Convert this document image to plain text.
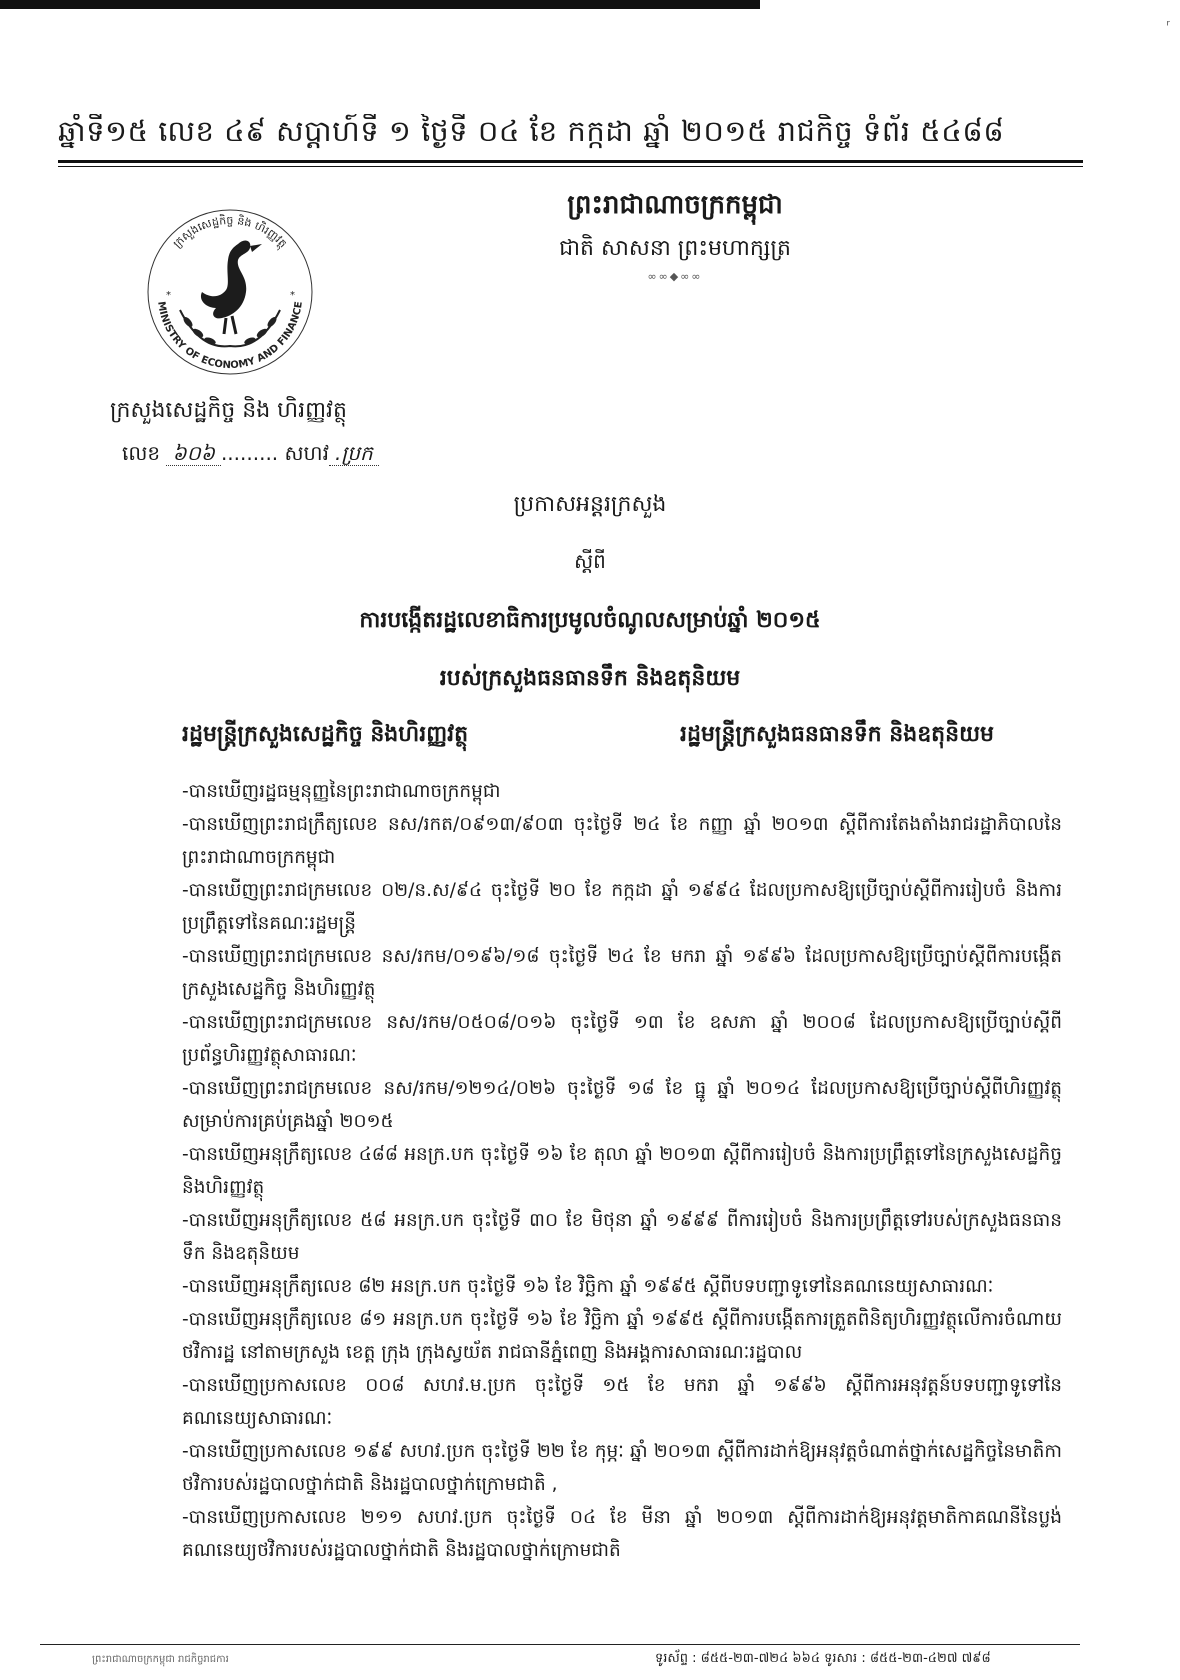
ʳ
ឆ្នាំទី១៥ លេខ ៤៩ សប្តាហ៍ទី ១ ថ្ងៃទី ០៤ ខែ កក្កដា ឆ្នាំ ២០១៥ រាជកិច្ច ទំព័រ ៥៤៨៨
ព្រះរាជាណាចក្រកម្ពុជា
ជាតិ សាសនា ព្រះមហាក្សត្រ
∞∞◆∞∞
ក្រសួងសេដ្ឋកិច្ច និង ហិរញ្ញវត្ថុ
MINISTRY OF ECONOMY AND FINANCE
*	*
ក្រសួងសេដ្ឋកិច្ច និង ហិរញ្ញវត្ថុ
លេខ ៦០៦ ......... សហវ .ប្រក
ប្រកាសអន្តរក្រសួង
ស្តីពី
ការបង្កើតរដ្ឋលេខាធិការប្រមូលចំណូលសម្រាប់ឆ្នាំ ២០១៥
របស់ក្រសួងធនធានទឹក និងឧតុនិយម
រដ្ឋមន្ត្រីក្រសួងសេដ្ឋកិច្ច និងហិរញ្ញវត្ថុ	រដ្ឋមន្ត្រីក្រសួងធនធានទឹក និងឧតុនិយម

-បានឃើញរដ្ឋធម្មនុញ្ញនៃព្រះរាជាណាចក្រកម្ពុជា

-បានឃើញព្រះរាជក្រឹត្យលេខ នស/រកត/០៩១៣/៩០៣ ចុះថ្ងៃទី ២៤ ខែ កញ្ញា ឆ្នាំ ២០១៣ ស្តីពីការតែងតាំងរាជរដ្ឋាភិបាលនៃព្រះរាជាណាចក្រកម្ពុជា

-បានឃើញព្រះរាជក្រមលេខ ០២/ន.ស/៩៤ ចុះថ្ងៃទី ២០ ខែ កក្កដា ឆ្នាំ ១៩៩៤ ដែលប្រកាសឱ្យប្រើច្បាប់ស្តីពីការរៀបចំ និងការប្រព្រឹត្តទៅនៃគណៈរដ្ឋមន្ត្រី

-បានឃើញព្រះរាជក្រមលេខ នស/រកម/០១៩៦/១៨ ចុះថ្ងៃទី ២៤ ខែ មករា ឆ្នាំ ១៩៩៦ ដែលប្រកាសឱ្យប្រើច្បាប់ស្តីពីការបង្កើតក្រសួងសេដ្ឋកិច្ច និងហិរញ្ញវត្ថុ

-បានឃើញព្រះរាជក្រមលេខ នស/រកម/០៥០៨/០១៦ ចុះថ្ងៃទី ១៣ ខែ ឧសភា ឆ្នាំ ២០០៨ ដែលប្រកាសឱ្យប្រើច្បាប់ស្តីពីប្រព័ន្ធហិរញ្ញវត្ថុសាធារណៈ

-បានឃើញព្រះរាជក្រមលេខ នស/រកម/១២១៤/០២៦ ចុះថ្ងៃទី ១៨ ខែ ធ្នូ ឆ្នាំ ២០១៤ ដែលប្រកាសឱ្យប្រើច្បាប់ស្តីពីហិរញ្ញវត្ថុសម្រាប់ការគ្រប់គ្រងឆ្នាំ ២០១៥

-បានឃើញអនុក្រឹត្យលេខ ៤៨៨ អនក្រ.បក ចុះថ្ងៃទី ១៦ ខែ តុលា ឆ្នាំ ២០១៣ ស្តីពីការរៀបចំ និងការប្រព្រឹត្តទៅនៃក្រសួងសេដ្ឋកិច្ច និងហិរញ្ញវត្ថុ

-បានឃើញអនុក្រឹត្យលេខ ៥៨ អនក្រ.បក ចុះថ្ងៃទី ៣០ ខែ មិថុនា ឆ្នាំ ១៩៩៩ ពីការរៀបចំ និងការប្រព្រឹត្តទៅរបស់ក្រសួងធនធានទឹក និងឧតុនិយម

-បានឃើញអនុក្រឹត្យលេខ ៨២ អនក្រ.បក ចុះថ្ងៃទី ១៦ ខែ វិច្ឆិកា ឆ្នាំ ១៩៩៥ ស្តីពីបទបញ្ជាទូទៅនៃគណនេយ្យសាធារណៈ

-បានឃើញអនុក្រឹត្យលេខ ៨១ អនក្រ.បក ចុះថ្ងៃទី ១៦ ខែ វិច្ឆិកា ឆ្នាំ ១៩៩៥ ស្តីពីការបង្កើតការត្រួតពិនិត្យហិរញ្ញវត្ថុលើការចំណាយថវិការដ្ឋ នៅតាមក្រសួង ខេត្ត ក្រុង ក្រុងស្វយ័ត រាជធានីភ្នំពេញ និងអង្គការសាធារណៈរដ្ឋបាល

-បានឃើញប្រកាសលេខ ០០៨ សហវ.ម.ប្រក ចុះថ្ងៃទី ១៥ ខែ មករា ឆ្នាំ ១៩៩៦ ស្តីពីការអនុវត្តន៍បទបញ្ជាទូទៅនៃគណនេយ្យសាធារណៈ

-បានឃើញប្រកាសលេខ ១៩៩ សហវ.ប្រក ចុះថ្ងៃទី ២២ ខែ កុម្ភៈ ឆ្នាំ ២០១៣ ស្តីពីការដាក់ឱ្យអនុវត្តចំណាត់ថ្នាក់សេដ្ឋកិច្ចនៃមាតិកាថវិការបស់រដ្ឋបាលថ្នាក់ជាតិ និងរដ្ឋបាលថ្នាក់ក្រោមជាតិ ,

-បានឃើញប្រកាសលេខ ២១១ សហវ.ប្រក ចុះថ្ងៃទី ០៤ ខែ មីនា ឆ្នាំ ២០១៣ ស្តីពីការដាក់ឱ្យអនុវត្តមាតិកាគណនីនៃប្លង់គណនេយ្យថវិការបស់រដ្ឋបាលថ្នាក់ជាតិ និងរដ្ឋបាលថ្នាក់ក្រោមជាតិ

ព្រះរាជាណាចក្រកម្ពុជា រាជកិច្ចរាជការ	ទូរស័ព្ទ : ៨៥៥-២៣-៧២៤ ៦៦៤ ទូរសារ : ៨៥៥-២៣-៤២៧ ៧៩៨
